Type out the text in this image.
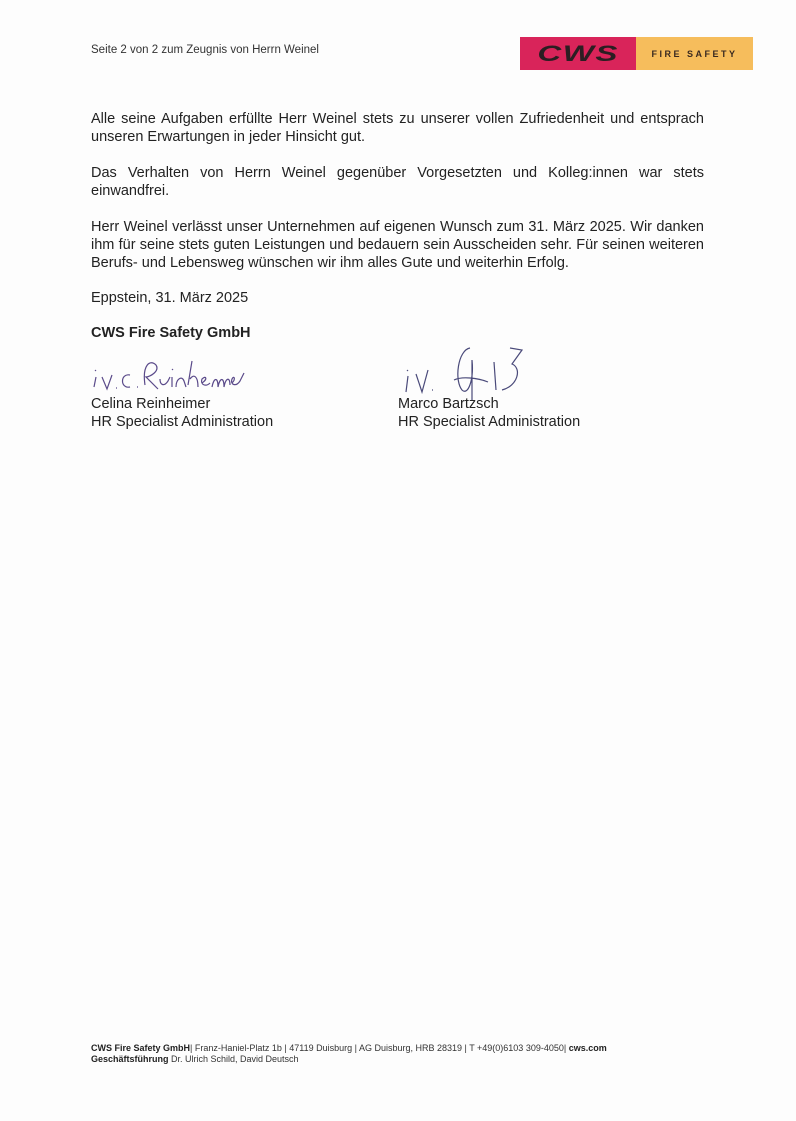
Seite 2 von 2 zum Zeugnis von Herrn Weinel	CWS	FIRE SAFETY

Alle seine Aufgaben erfüllte Herr Weinel stets zu unserer vollen Zufriedenheit und entsprach unseren Erwartungen in jeder Hinsicht gut.

Das Verhalten von Herrn Weinel gegenüber Vorgesetzten und Kolleg:innen war stets einwandfrei.

Herr Weinel verlässt unser Unternehmen auf eigenen Wunsch zum 31. März 2025. Wir danken ihm für seine stets guten Leistungen und bedauern sein Ausscheiden sehr. Für seinen weiteren Berufs- und Lebensweg wünschen wir ihm alles Gute und weiterhin Erfolg.

Eppstein, 31. März 2025
CWS Fire Safety GmbH
Celina Reinheimer
HR Specialist Administration
Marco Bartzsch
HR Specialist Administration
CWS Fire Safety GmbH| Franz-Haniel-Platz 1b | 47119 Duisburg | AG Duisburg, HRB 28319 | T +49(0)6103 309-4050| cws.com
Geschäftsführung Dr. Ulrich Schild, David Deutsch
